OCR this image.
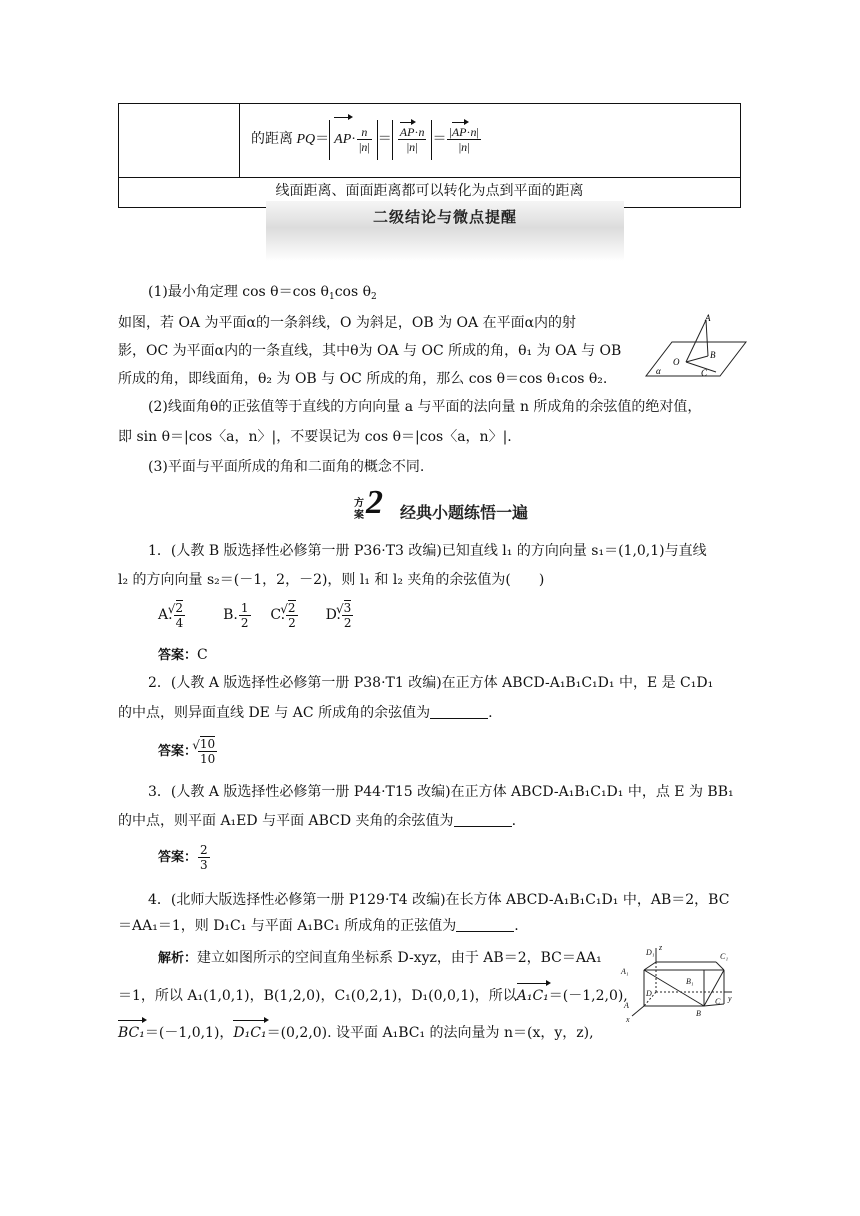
的距离 $PQ= AP\cdot \frac{n}{|n|} = \frac{AP\cdot n}{|n|} = \frac{|AP\cdot n|}{|n|}$
线面距离、面面距离都可以转化为点到平面的距离
二级结论与微点提醒
(1)最小角定理 cos θ＝cos $\theta_1\cos$ $\theta_2$
如图，若 OA 为平面α的一条斜线，O 为斜足，OB 为 OA 在平面α内的射
影，OC 为平面α内的一条直线，其中θ为 OA 与 OC 所成的角，θ₁ 为 OA 与 OB
所成的角，即线面角，θ₂ 为 OB 与 OC 所成的角，那么 cos θ＝cos θ₁cos θ₂.
A
B
O
C
α
(2)线面角θ的正弦值等于直线的方向向量 a 与平面的法向量 n 所成角的余弦值的绝对值，
即 sin θ＝|cos〈a，n〉|，不要误记为 cos θ＝|cos〈a，n〉|.
(3)平面与平面所成的角和二面角的概念不同.
方
案 2 经典小题练悟一遍
1．(人教 B 版选择性必修第一册 P36·T3 改编)已知直线 l₁ 的方向向量 s₁＝(1,0,1)与直线
l₂ 的方向向量 s₂＝(－1，2，－2)，则 l₁ 和 l₂ 夹角的余弦值为(　　)
A. √ $\frac{2}{4}$	B. $\frac{1}{2} C$. √ $\frac{2}{2} D$. √ $\frac{3}{2}$
答案：C
2．(人教 A 版选择性必修第一册 P38·T1 改编)在正方体 ABCD-A₁B₁C₁D₁ 中，E 是 C₁D₁
的中点，则异面直线 DE 与 AC 所成角的余弦值为	.
答案： √ $\frac{10}{10}$
3．(人教 A 版选择性必修第一册 P44·T15 改编)在正方体 ABCD-A₁B₁C₁D₁ 中，点 E 为 BB₁
的中点，则平面 A₁ED 与平面 ABCD 夹角的余弦值为	.
答案： $\frac{2}{3}$
4．(北师大版选择性必修第一册 P129·T4 改编)在长方体 ABCD-A₁B₁C₁D₁ 中，AB＝2，BC
＝AA₁＝1，则 D₁C₁ 与平面 A₁BC₁ 所成角的正弦值为	.
解析：建立如图所示的空间直角坐标系 D-xyz，由于 AB＝2，BC＝AA₁
＝1，所以 A₁(1,0,1)，B(1,2,0)，C₁(0,2,1)，D₁(0,0,1)，所以A₁C₁＝(－1,2,0),
BC₁＝(－1,0,1)，D₁C₁＝(0,2,0). 设平面 A₁BC₁ 的法向量为 n＝(x，y，z),
D₁
z
C₁
A₁
B₁
D
A	C y
B
x
